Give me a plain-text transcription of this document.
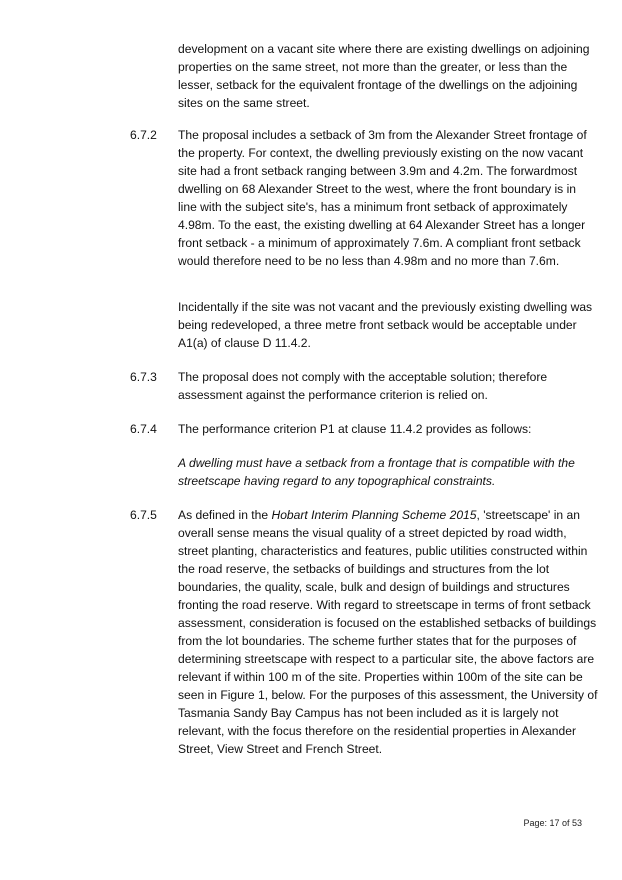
development on a vacant site where there are existing dwellings on adjoining properties on the same street, not more than the greater, or less than the lesser, setback for the equivalent frontage of the dwellings on the adjoining sites on the same street.

6.7.2	The proposal includes a setback of 3m from the Alexander Street frontage of the property. For context, the dwelling previously existing on the now vacant site had a front setback ranging between 3.9m and 4.2m. The forwardmost dwelling on 68 Alexander Street to the west, where the front boundary is in line with the subject site's, has a minimum front setback of approximately 4.98m. To the east, the existing dwelling at 64 Alexander Street has a longer front setback - a minimum of approximately 7.6m. A compliant front setback would therefore need to be no less than 4.98m and no more than 7.6m.

Incidentally if the site was not vacant and the previously existing dwelling was being redeveloped, a three metre front setback would be acceptable under A1(a) of clause D 11.4.2.

6.7.3	The proposal does not comply with the acceptable solution; therefore assessment against the performance criterion is relied on.

6.7.4	The performance criterion P1 at clause 11.4.2 provides as follows:

A dwelling must have a setback from a frontage that is compatible with the streetscape having regard to any topographical constraints.

6.7.5	As defined in the Hobart Interim Planning Scheme 2015, 'streetscape' in an overall sense means the visual quality of a street depicted by road width, street planting, characteristics and features, public utilities constructed within the road reserve, the setbacks of buildings and structures from the lot boundaries, the quality, scale, bulk and design of buildings and structures fronting the road reserve. With regard to streetscape in terms of front setback assessment, consideration is focused on the established setbacks of buildings from the lot boundaries. The scheme further states that for the purposes of determining streetscape with respect to a particular site, the above factors are relevant if within 100 m of the site. Properties within 100m of the site can be seen in Figure 1, below. For the purposes of this assessment, the University of Tasmania Sandy Bay Campus has not been included as it is largely not relevant, with the focus therefore on the residential properties in Alexander Street, View Street and French Street.

Page: 17 of 53
